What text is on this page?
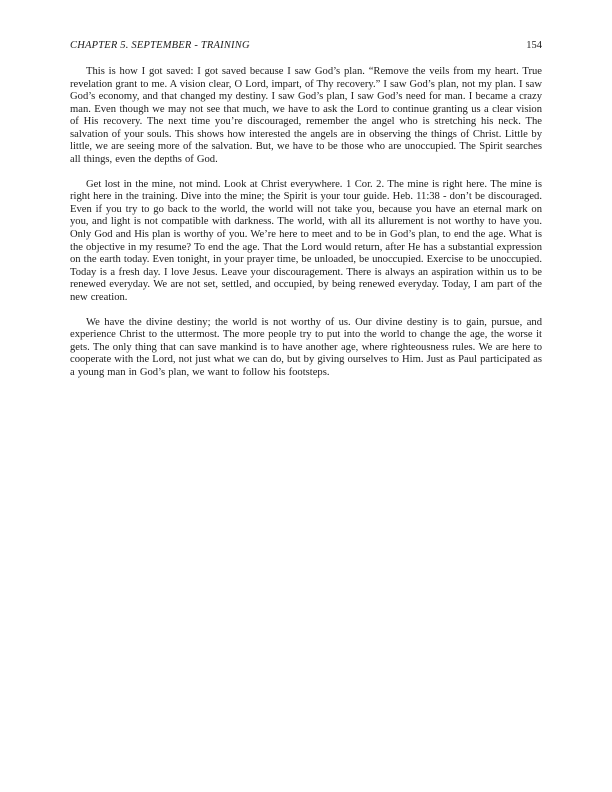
CHAPTER 5. SEPTEMBER - TRAINING	154

This is how I got saved: I got saved because I saw God’s plan. “Remove the veils from my heart. True revelation grant to me. A vision clear, O Lord, impart, of Thy recovery.” I saw God’s plan, not my plan. I saw God’s economy, and that changed my destiny. I saw God’s plan, I saw God’s need for man. I became a crazy man. Even though we may not see that much, we have to ask the Lord to continue granting us a clear vision of His recovery. The next time you’re discouraged, remember the angel who is stretching his neck. The salvation of your souls. This shows how interested the angels are in observing the things of Christ. Little by little, we are seeing more of the salvation. But, we have to be those who are unoccupied. The Spirit searches all things, even the depths of God.

Get lost in the mine, not mind. Look at Christ everywhere. 1 Cor. 2. The mine is right here. The mine is right here in the training. Dive into the mine; the Spirit is your tour guide. Heb. 11:38 - don’t be discouraged. Even if you try to go back to the world, the world will not take you, because you have an eternal mark on you, and light is not compatible with darkness. The world, with all its allurement is not worthy to have you. Only God and His plan is worthy of you. We’re here to meet and to be in God’s plan, to end the age. What is the objective in my resume? To end the age. That the Lord would return, after He has a substantial expression on the earth today. Even tonight, in your prayer time, be unloaded, be unoccupied. Exercise to be unoccupied. Today is a fresh day. I love Jesus. Leave your discouragement. There is always an aspiration within us to be renewed everyday. We are not set, settled, and occupied, by being renewed everyday. Today, I am part of the new creation.

We have the divine destiny; the world is not worthy of us. Our divine destiny is to gain, pursue, and experience Christ to the uttermost. The more people try to put into the world to change the age, the worse it gets. The only thing that can save mankind is to have another age, where righteousness rules. We are here to cooperate with the Lord, not just what we can do, but by giving ourselves to Him. Just as Paul participated as a young man in God’s plan, we want to follow his footsteps.
